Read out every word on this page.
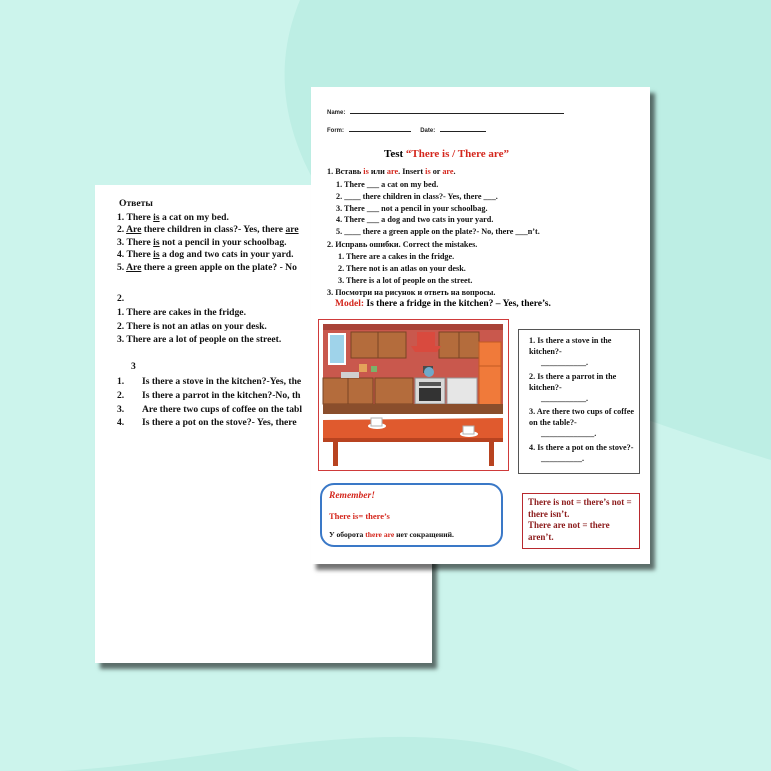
Ответы
1. There is a cat on my bed.
2. Are there children in class?- Yes, there are
3. There is not a pencil in your schoolbag.
4. There is a dog and two cats in your yard.
5. Are there a green apple on the plate? - No
2.
1. There are cakes in the fridge.
2. There is not an atlas on your desk.
3. There are a lot of people on the street.
3
1. Is there a stove in the kitchen?-Yes, the
2. Is there a parrot in the kitchen?-No, th
3. Are there two cups of coffee on the tabl
4. Is there a pot on the stove?- Yes, there
Name:
Form:	Date:
Test “There is / There are”
1. Вставь is или are. Insert is or are.
1. There ___ a cat on my bed.
2. ____ there children in class?- Yes, there ___.
3. There ___ not a pencil in your schoolbag.
4. There ___ a dog and two cats in your yard.
5. ____ there a green apple on the plate?- No, there ___n’t.
2. Исправь ошибки. Correct the mistakes.
1. There are a cakes in the fridge.
2. There not is an atlas on your desk.
3. There is a lot of people on the street.
3. Посмотри на рисунок и ответь на вопросы.
Model: Is there a fridge in the kitchen? – Yes, there’s.
1. Is there a stove in the kitchen?-
___________.
2. Is there a parrot in the kitchen?-
___________.
3. Are there two cups of coffee on the table?-
_____________.
4. Is there a pot on the stove?-
__________.
Remember!
There is= there’s
У оборота there are нет сокращений.
There is not = there’s not = there isn’t.
There are not = there aren’t.
